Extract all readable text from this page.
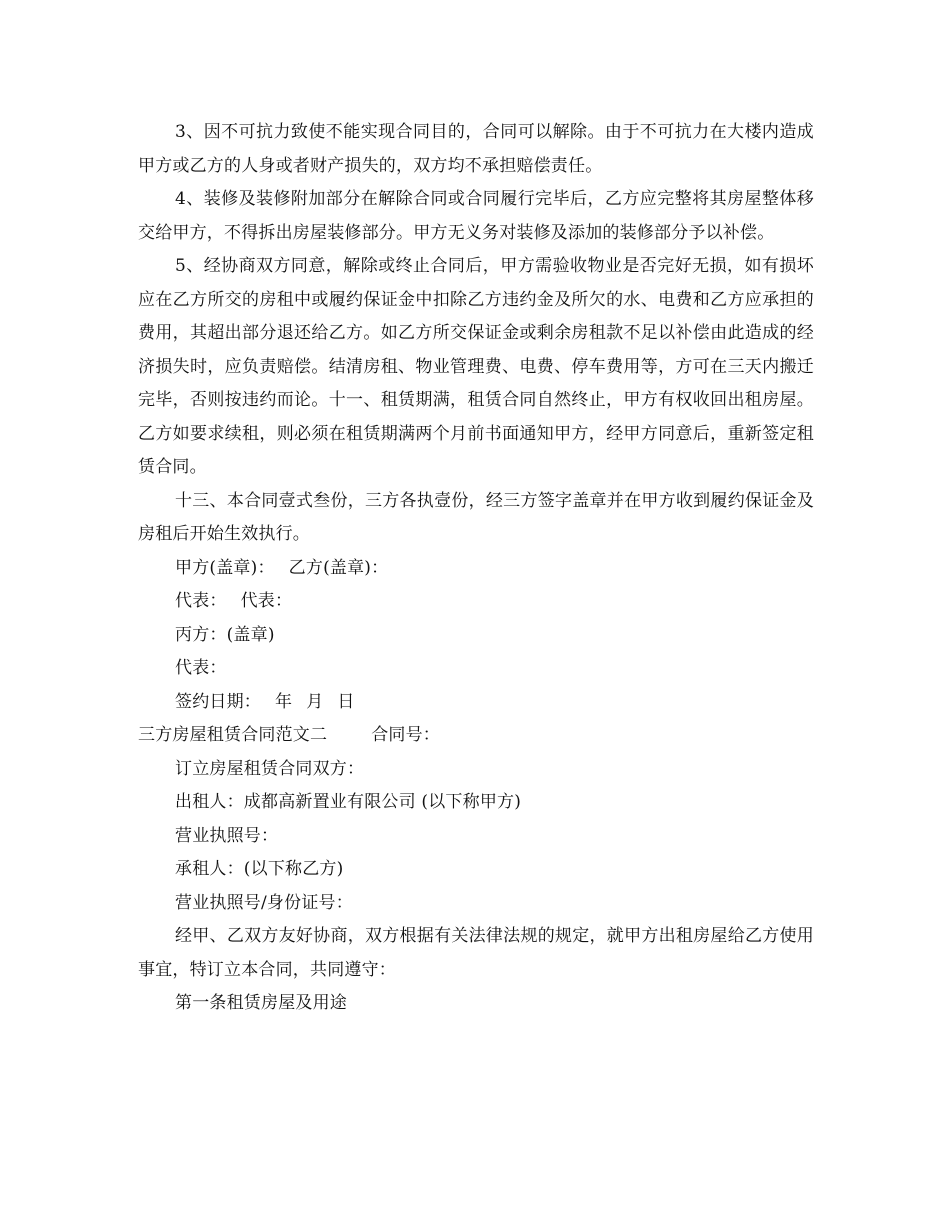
3、因不可抗力致使不能实现合同目的，合同可以解除。由于不可抗力在大楼内造成甲方或乙方的人身或者财产损失的，双方均不承担赔偿责任。

4、装修及装修附加部分在解除合同或合同履行完毕后，乙方应完整将其房屋整体移交给甲方，不得拆出房屋装修部分。甲方无义务对装修及添加的装修部分予以补偿。

5、经协商双方同意，解除或终止合同后，甲方需验收物业是否完好无损，如有损坏应在乙方所交的房租中或履约保证金中扣除乙方违约金及所欠的水、电费和乙方应承担的费用，其超出部分退还给乙方。如乙方所交保证金或剩余房租款不足以补偿由此造成的经济损失时，应负责赔偿。结清房租、物业管理费、电费、停车费用等，方可在三天内搬迁完毕，否则按违约而论。十一、租赁期满，租赁合同自然终止，甲方有权收回出租房屋。乙方如要求续租，则必须在租赁期满两个月前书面通知甲方，经甲方同意后，重新签定租赁合同。

十三、本合同壹式叁份，三方各执壹份，经三方签字盖章并在甲方收到履约保证金及房租后开始生效执行。

甲方(盖章)： 乙方(盖章)：

代表： 代表：

丙方：(盖章)

代表：

签约日期： 年 月 日

三方房屋租赁合同范文二	合同号：

订立房屋租赁合同双方：

出租人：成都高新置业有限公司 (以下称甲方)

营业执照号：

承租人：(以下称乙方)

营业执照号/身份证号：

经甲、乙双方友好协商，双方根据有关法律法规的规定，就甲方出租房屋给乙方使用 事宜，特订立本合同，共同遵守：

第一条租赁房屋及用途
